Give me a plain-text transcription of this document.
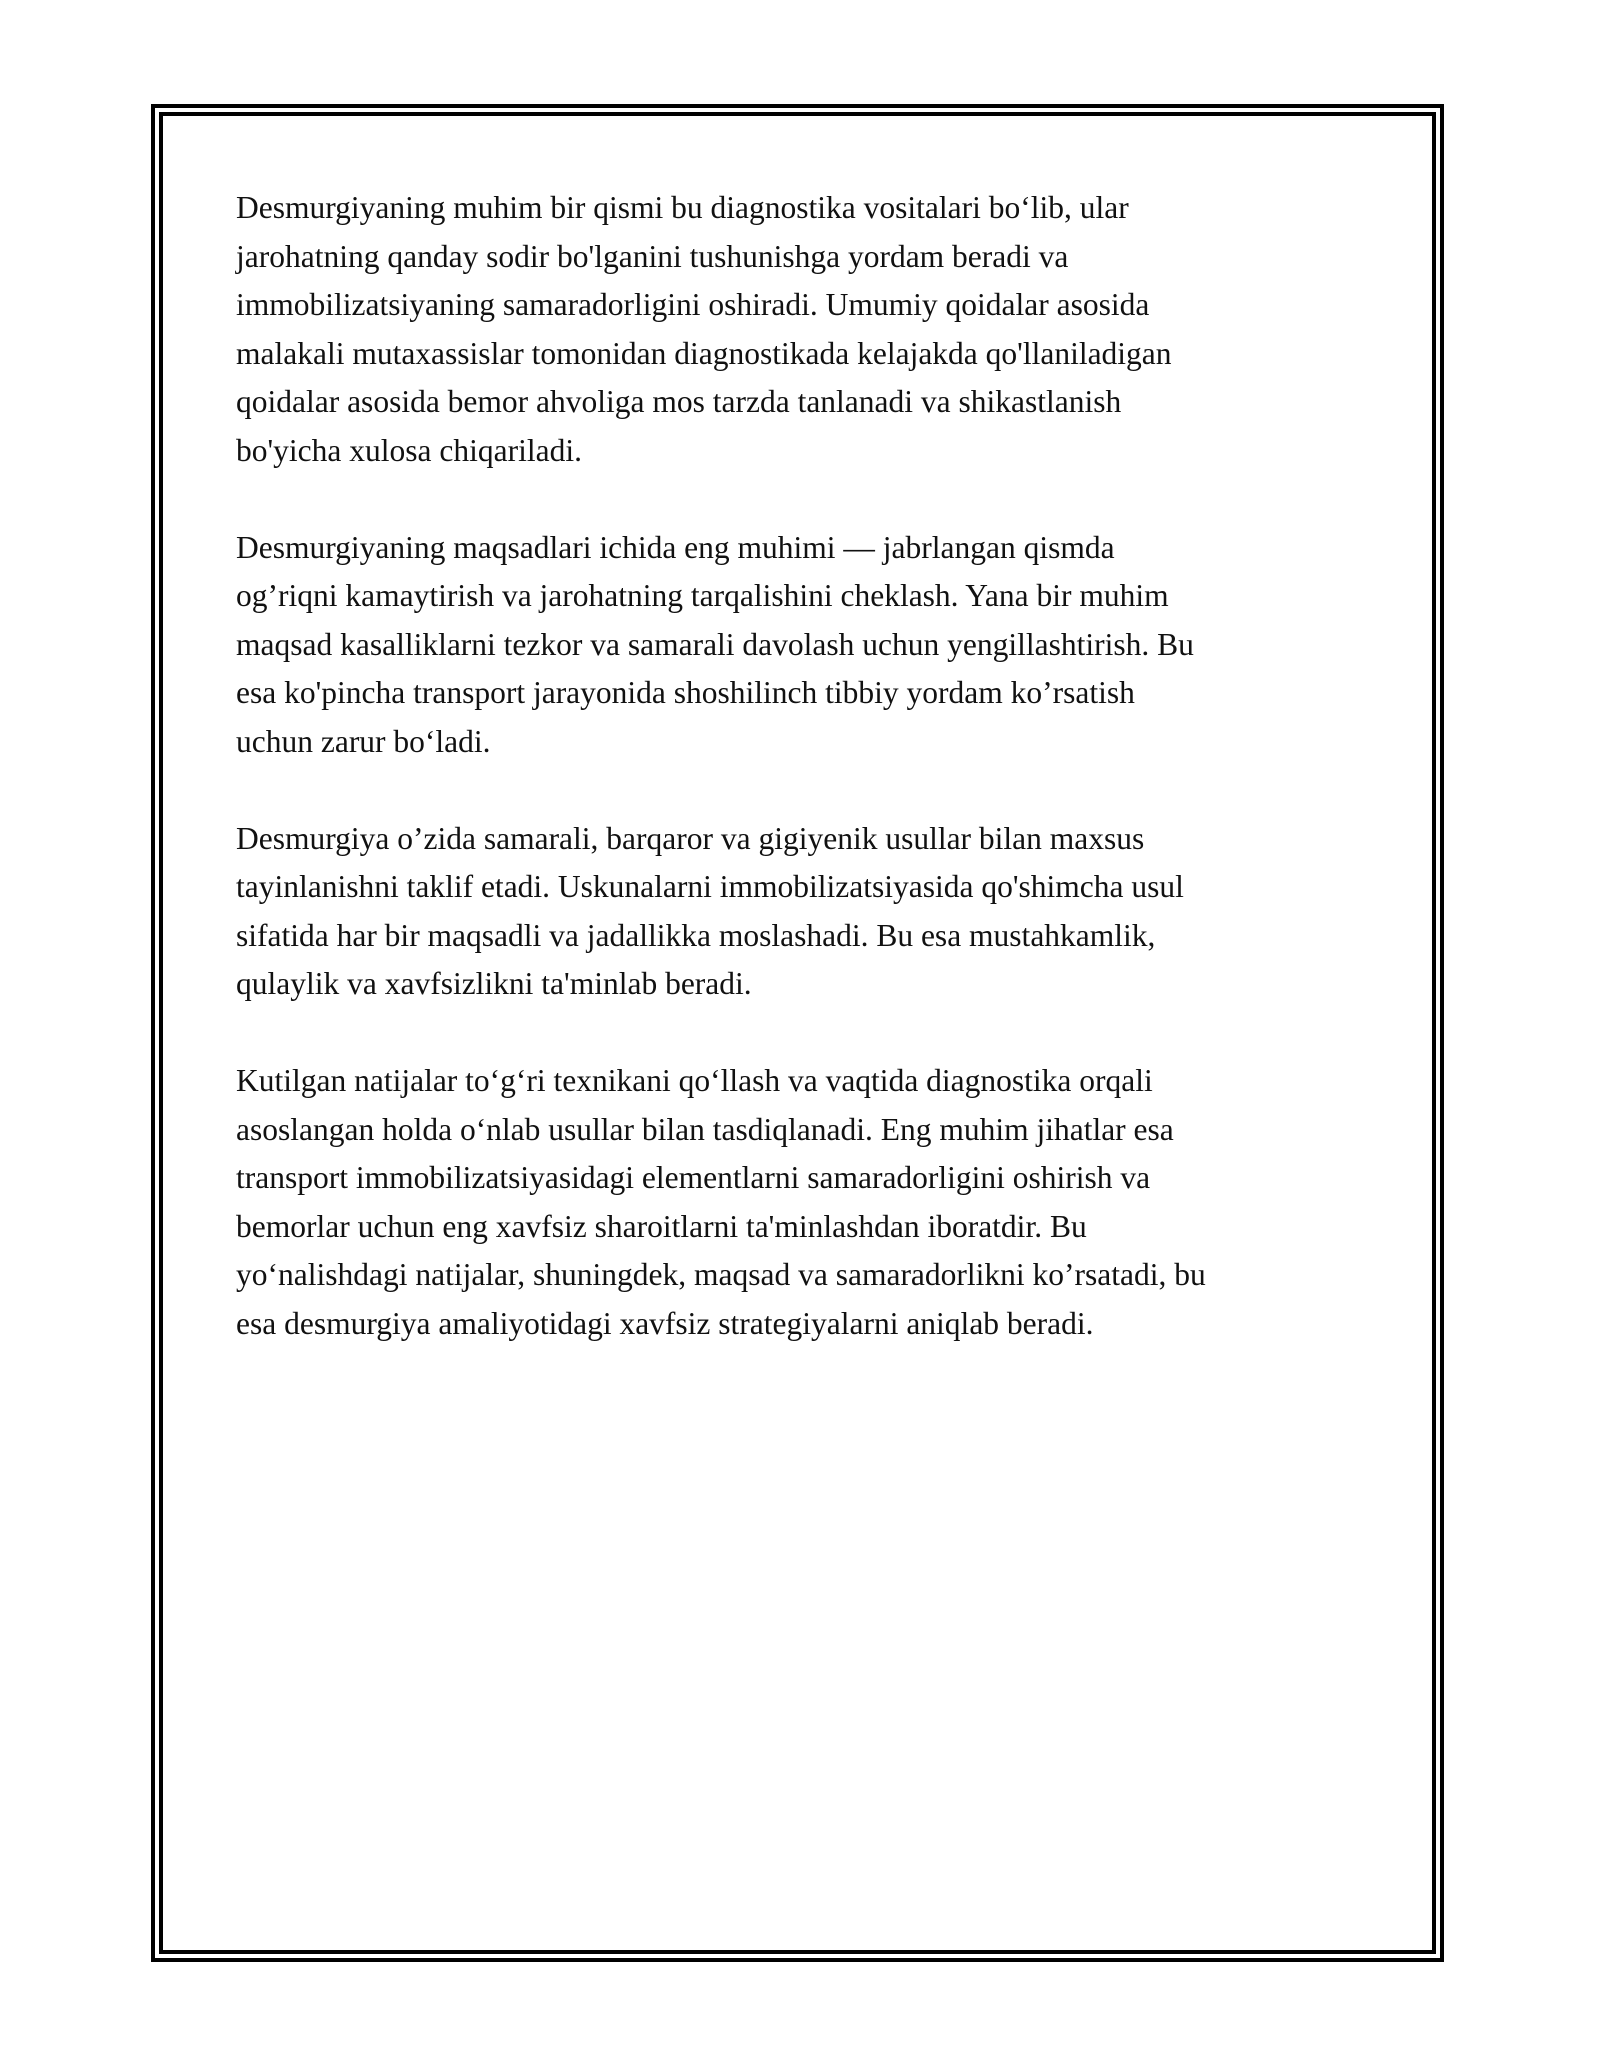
Desmurgiyaning muhim bir qismi bu diagnostika vositalari boʻlib, ular
jarohatning qanday sodir bo'lganini tushunishga yordam beradi va
immobilizatsiyaning samaradorligini oshiradi. Umumiy qoidalar asosida
malakali mutaxassislar tomonidan diagnostikada kelajakda qo'llaniladigan
qoidalar asosida bemor ahvoliga mos tarzda tanlanadi va shikastlanish
bo'yicha xulosa chiqariladi.

Desmurgiyaning maqsadlari ichida eng muhimi — jabrlangan qismda
og’riqni kamaytirish va jarohatning tarqalishini cheklash. Yana bir muhim
maqsad kasalliklarni tezkor va samarali davolash uchun yengillashtirish. Bu
esa ko'pincha transport jarayonida shoshilinch tibbiy yordam ko’rsatish
uchun zarur boʻladi.

Desmurgiya o’zida samarali, barqaror va gigiyenik usullar bilan maxsus
tayinlanishni taklif etadi. Uskunalarni immobilizatsiyasida qo'shimcha usul
sifatida har bir maqsadli va jadallikka moslashadi. Bu esa mustahkamlik,
qulaylik va xavfsizlikni ta'minlab beradi.

Kutilgan natijalar toʻgʻri texnikani qoʻllash va vaqtida diagnostika orqali
asoslangan holda oʻnlab usullar bilan tasdiqlanadi. Eng muhim jihatlar esa
transport immobilizatsiyasidagi elementlarni samaradorligini oshirish va
bemorlar uchun eng xavfsiz sharoitlarni ta'minlashdan iboratdir. Bu
yoʻnalishdagi natijalar, shuningdek, maqsad va samaradorlikni ko’rsatadi, bu
esa desmurgiya amaliyotidagi xavfsiz strategiyalarni aniqlab beradi.
